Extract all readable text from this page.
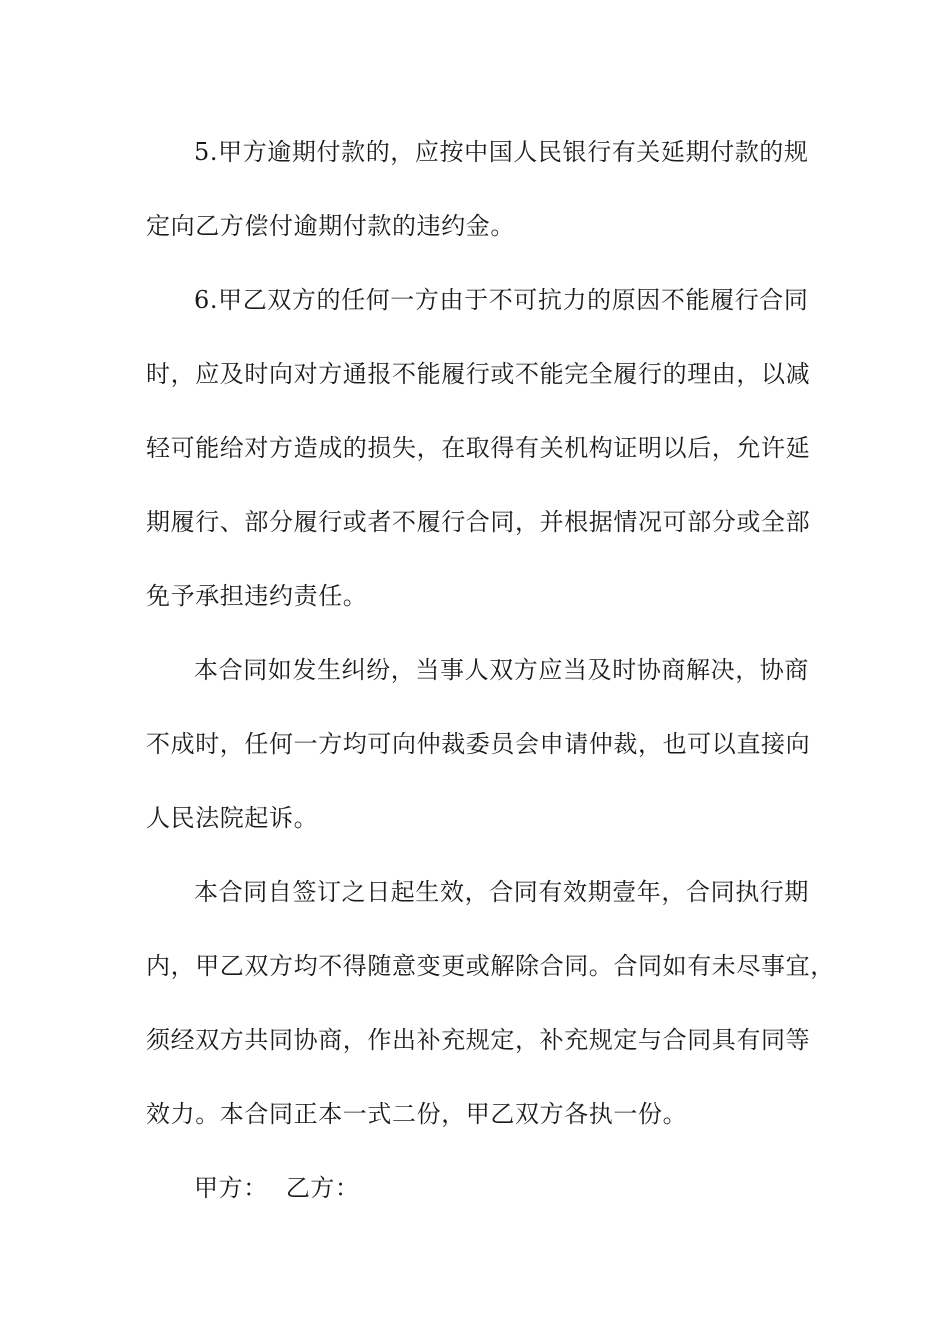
5.甲方逾期付款的，应按中国人民银行有关延期付款的规
定向乙方偿付逾期付款的违约金。
6.甲乙双方的任何一方由于不可抗力的原因不能履行合同
时，应及时向对方通报不能履行或不能完全履行的理由，以减
轻可能给对方造成的损失，在取得有关机构证明以后，允许延
期履行、部分履行或者不履行合同，并根据情况可部分或全部
免予承担违约责任。
本合同如发生纠纷，当事人双方应当及时协商解决，协商
不成时，任何一方均可向仲裁委员会申请仲裁，也可以直接向
人民法院起诉。
本合同自签订之日起生效，合同有效期壹年，合同执行期
内，甲乙双方均不得随意变更或解除合同。合同如有未尽事宜，
须经双方共同协商，作出补充规定，补充规定与合同具有同等
效力。本合同正本一式二份，甲乙双方各执一份。
甲方： 乙方：
